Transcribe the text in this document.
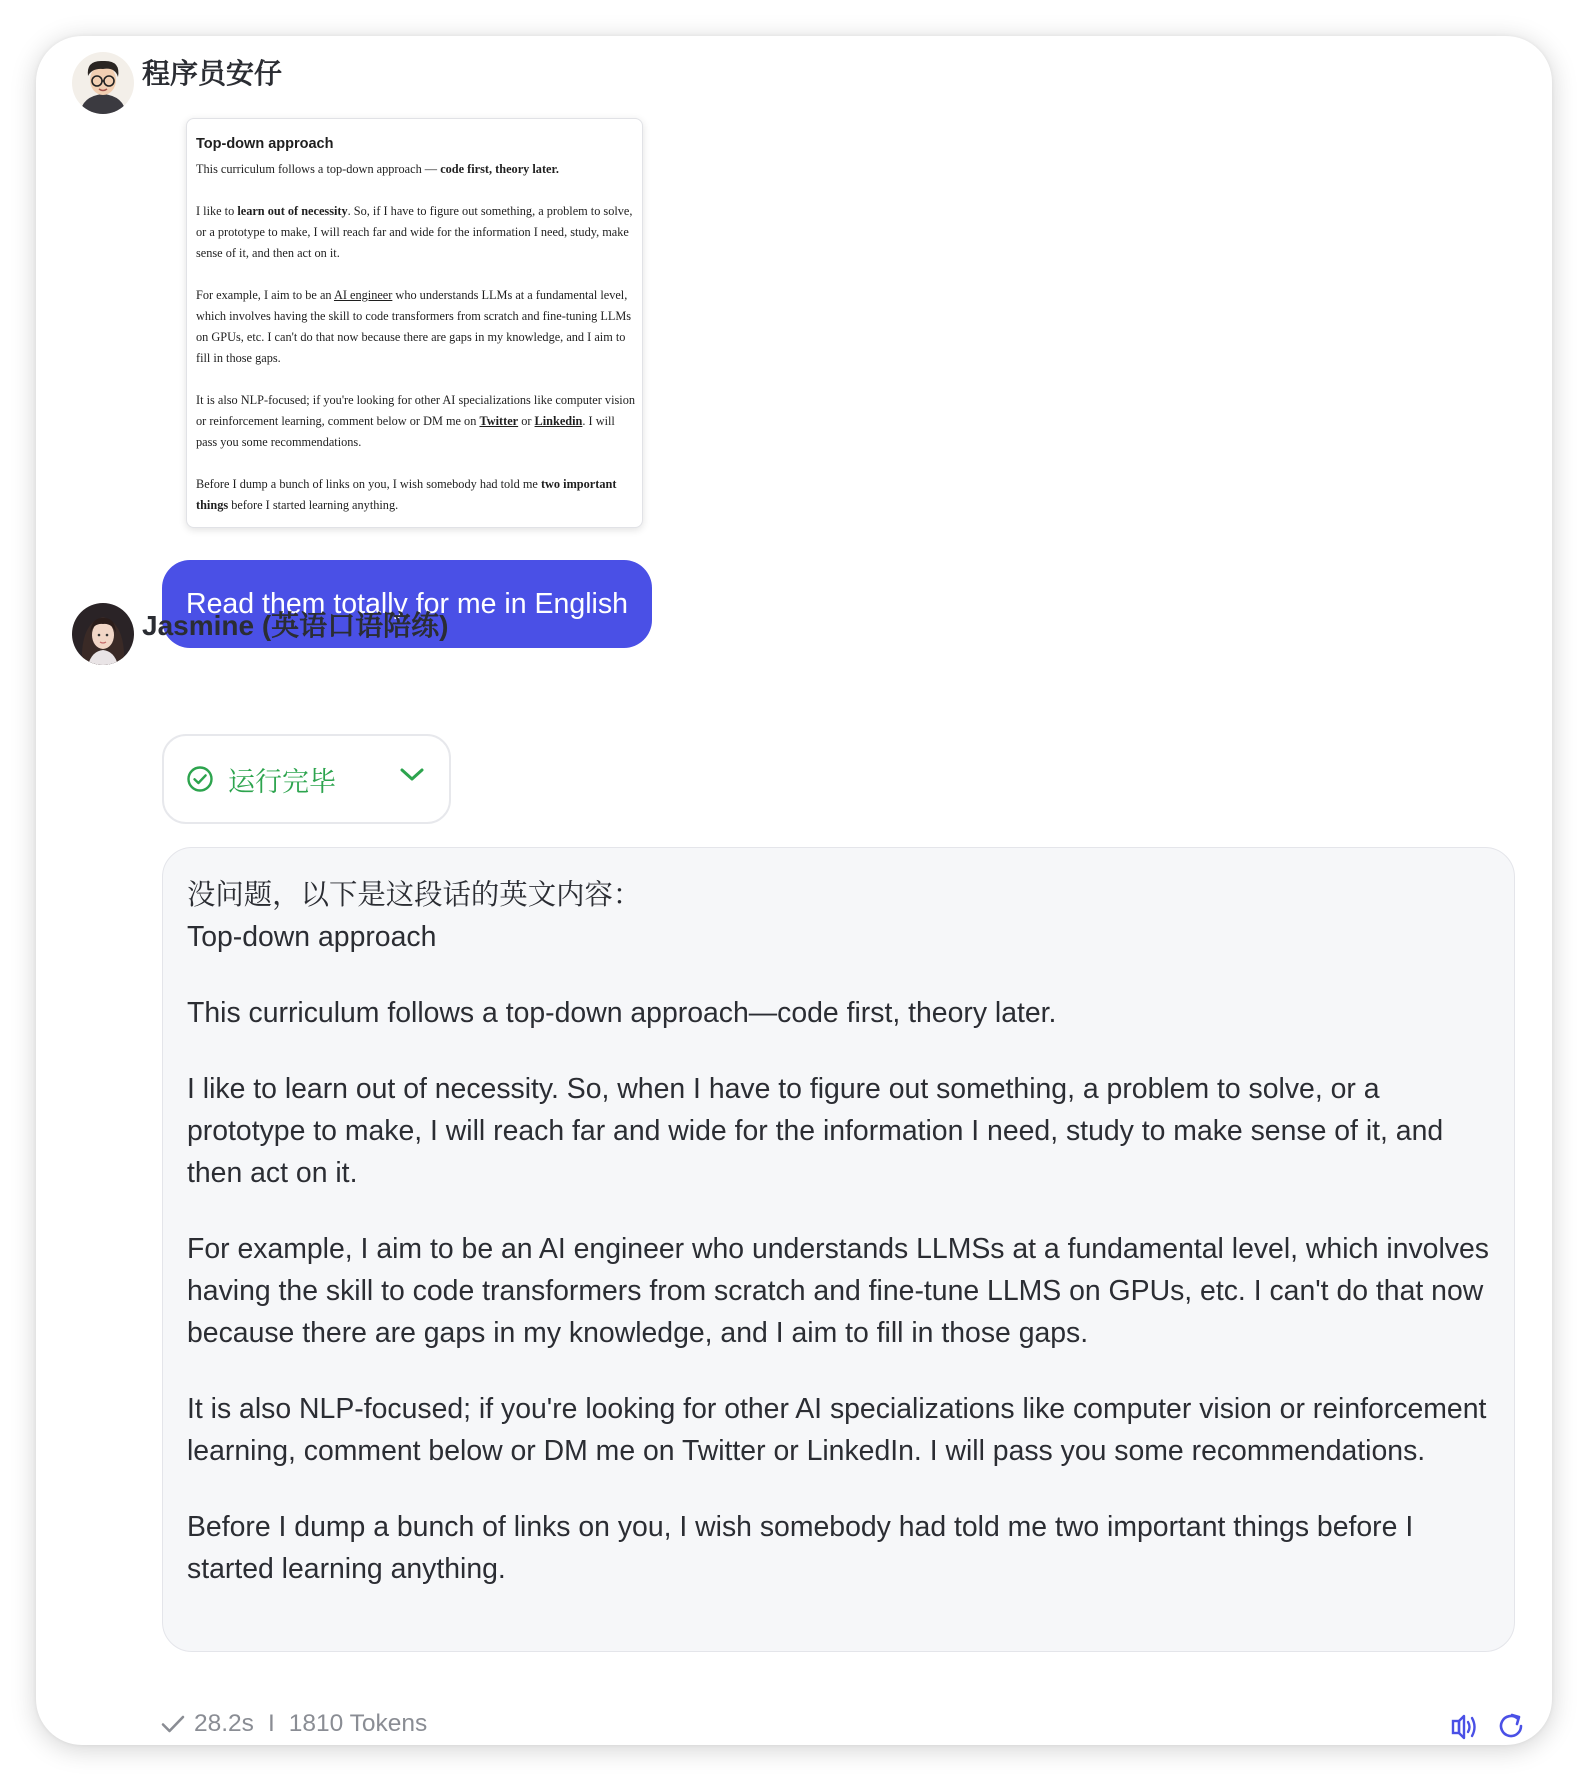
程序员安仔
Top-down approach

This curriculum follows a top-down approach — code first, theory later.

I like to learn out of necessity. So, if I have to figure out something, a problem to solve, or a prototype to make, I will reach far and wide for the information I need, study, make sense of it, and then act on it.

For example, I aim to be an AI engineer who understands LLMs at a fundamental level, which involves having the skill to code transformers from scratch and fine-tuning LLMs on GPUs, etc. I can't do that now because there are gaps in my knowledge, and I aim to fill in those gaps.

It is also NLP-focused; if you're looking for other AI specializations like computer vision or reinforcement learning, comment below or DM me on Twitter or Linkedin. I will pass you some recommendations.

Before I dump a bunch of links on you, I wish somebody had told me two important things before I started learning anything.

Read them totally for me in English
Jasmine (英语口语陪练)
运行完毕
没问题，以下是这段话的英文内容：
Top-down approach

This curriculum follows a top-down approach—code first, theory later.

I like to learn out of necessity. So, when I have to figure out something, a problem to solve, or a prototype to make, I will reach far and wide for the information I need, study to make sense of it, and then act on it.

For example, I aim to be an AI engineer who understands LLMSs at a fundamental level, which involves having the skill to code transformers from scratch and fine-tune LLMS on GPUs, etc. I can't do that now because there are gaps in my knowledge, and I aim to fill in those gaps.

It is also NLP-focused; if you're looking for other AI specializations like computer vision or reinforcement learning, comment below or DM me on Twitter or LinkedIn. I will pass you some recommendations.

Before I dump a bunch of links on you, I wish somebody had told me two important things before I started learning anything.

28.2s I 1810 Tokens
